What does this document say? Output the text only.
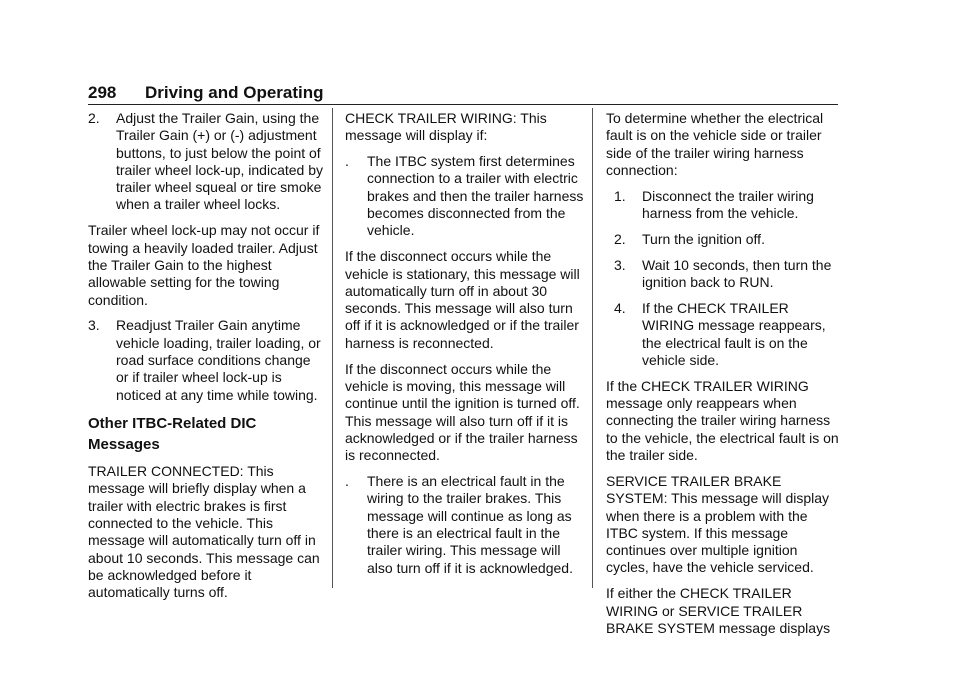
298 Driving and Operating
2. Adjust the Trailer Gain, using the Trailer Gain (+) or (-) adjustment buttons, to just below the point of trailer wheel lock-up, indicated by trailer wheel squeal or tire smoke when a trailer wheel locks.

Trailer wheel lock-up may not occur if towing a heavily loaded trailer. Adjust the Trailer Gain to the highest allowable setting for the towing condition.

3. Readjust Trailer Gain anytime vehicle loading, trailer loading, or road surface conditions change or if trailer wheel lock-up is noticed at any time while towing.
Other ITBC-Related DIC Messages

TRAILER CONNECTED: This message will briefly display when a trailer with electric brakes is first connected to the vehicle. This message will automatically turn off in about 10 seconds. This message can be acknowledged before it automatically turns off.

CHECK TRAILER WIRING: This message will display if:

. The ITBC system first determines connection to a trailer with electric brakes and then the trailer harness becomes disconnected from the vehicle.

If the disconnect occurs while the vehicle is stationary, this message will automatically turn off in about 30 seconds. This message will also turn off if it is acknowledged or if the trailer harness is reconnected.

If the disconnect occurs while the vehicle is moving, this message will continue until the ignition is turned off. This message will also turn off if it is acknowledged or if the trailer harness is reconnected.

. There is an electrical fault in the wiring to the trailer brakes. This message will continue as long as there is an electrical fault in the trailer wiring. This message will also turn off if it is acknowledged.

To determine whether the electrical fault is on the vehicle side or trailer side of the trailer wiring harness connection:

1. Disconnect the trailer wiring harness from the vehicle.
2. Turn the ignition off.
3. Wait 10 seconds, then turn the ignition back to RUN.
4. If the CHECK TRAILER WIRING message reappears, the electrical fault is on the vehicle side.

If the CHECK TRAILER WIRING message only reappears when connecting the trailer wiring harness to the vehicle, the electrical fault is on the trailer side.

SERVICE TRAILER BRAKE SYSTEM: This message will display when there is a problem with the ITBC system. If this message continues over multiple ignition cycles, have the vehicle serviced.

If either the CHECK TRAILER WIRING or SERVICE TRAILER BRAKE SYSTEM message displays
